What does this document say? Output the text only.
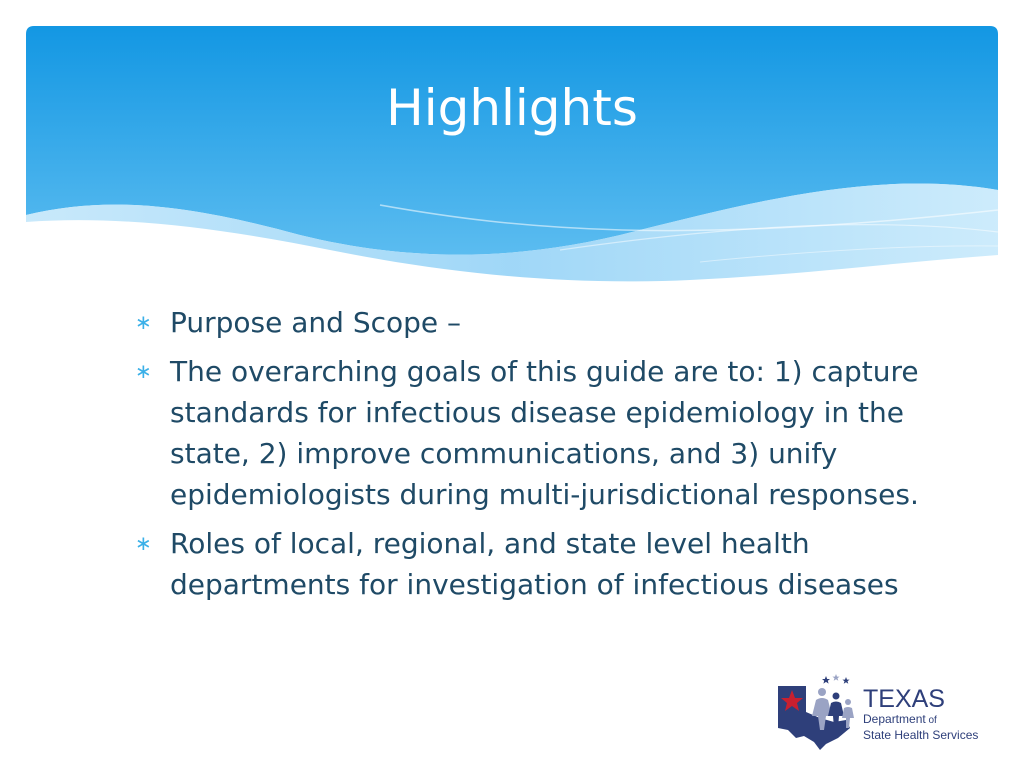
Highlights
∗ Purpose and Scope –
∗ The overarching goals of this guide are to: 1) capture standards for infectious disease epidemiology in the state, 2) improve communications, and 3) unify epidemiologists during multi-jurisdictional responses.
∗ Roles of local, regional, and state level health departments for investigation of infectious diseases
TEXAS
Department of
State Health Services
